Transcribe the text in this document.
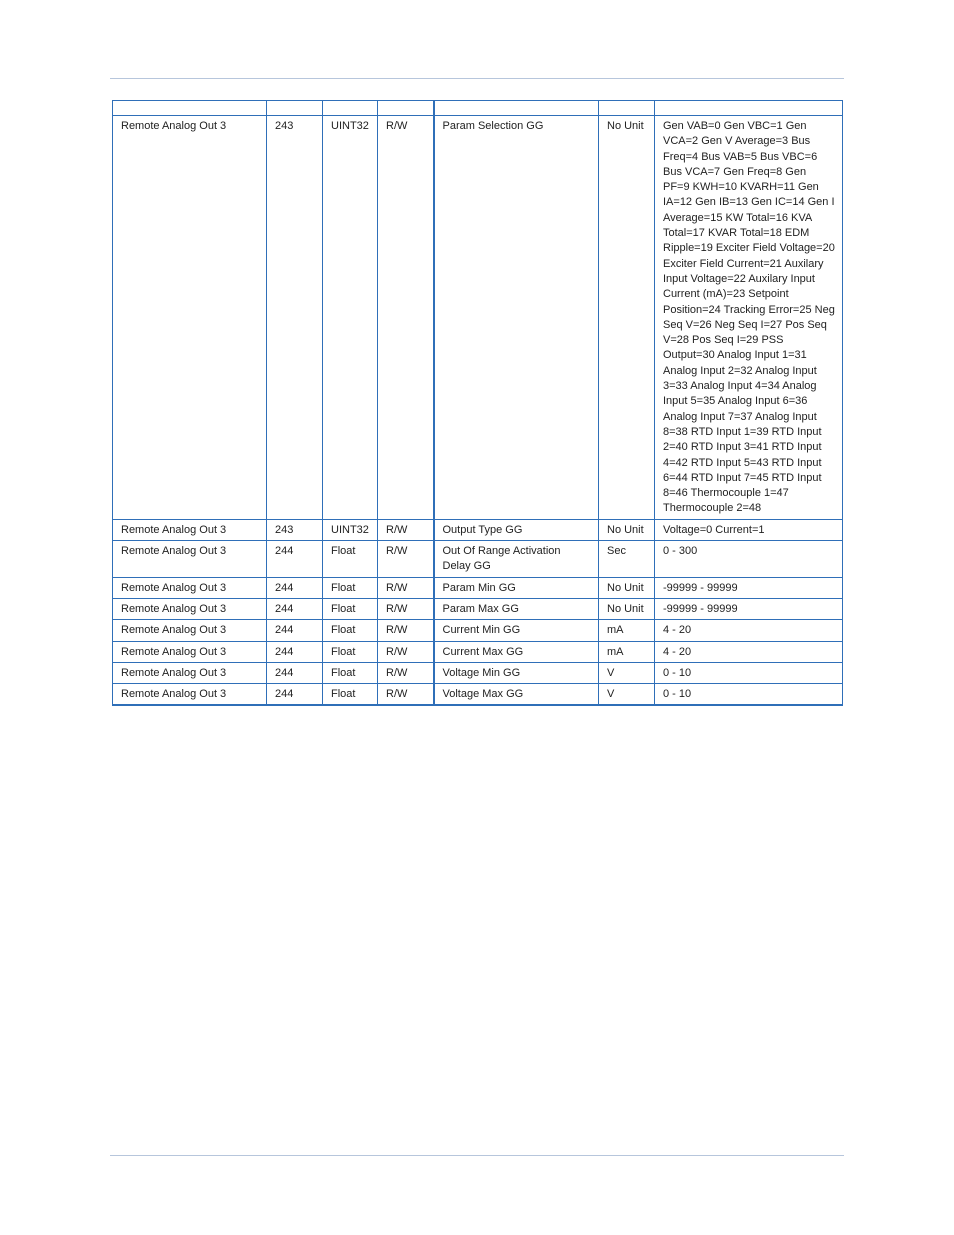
Remote Analog Out 3	243	UINT32	R/W	Param Selection GG	No Unit	Gen VAB=0 Gen VBC=1 Gen VCA=2 Gen V Average=3 Bus Freq=4 Bus VAB=5 Bus VBC=6 Bus VCA=7 Gen Freq=8 Gen PF=9 KWH=10 KVARH=11 Gen IA=12 Gen IB=13 Gen IC=14 Gen I Average=15 KW Total=16 KVA Total=17 KVAR Total=18 EDM Ripple=19 Exciter Field Voltage=20 Exciter Field Current=21 Auxilary Input Voltage=22 Auxilary Input Current (mA)=23 Setpoint Position=24 Tracking Error=25 Neg Seq V=26 Neg Seq I=27 Pos Seq V=28 Pos Seq I=29 PSS Output=30 Analog Input 1=31 Analog Input 2=32 Analog Input 3=33 Analog Input 4=34 Analog Input 5=35 Analog Input 6=36 Analog Input 7=37 Analog Input 8=38 RTD Input 1=39 RTD Input 2=40 RTD Input 3=41 RTD Input 4=42 RTD Input 5=43 RTD Input 6=44 RTD Input 7=45 RTD Input 8=46 Thermocouple 1=47 Thermocouple 2=48
Remote Analog Out 3	243	UINT32	R/W	Output Type GG	No Unit	Voltage=0 Current=1
Remote Analog Out 3	244	Float	R/W	Out Of Range Activation Delay GG	Sec	0 - 300
Remote Analog Out 3	244	Float	R/W	Param Min GG	No Unit	-99999 - 99999
Remote Analog Out 3	244	Float	R/W	Param Max GG	No Unit	-99999 - 99999
Remote Analog Out 3	244	Float	R/W	Current Min GG	mA	4 - 20
Remote Analog Out 3	244	Float	R/W	Current Max GG	mA	4 - 20
Remote Analog Out 3	244	Float	R/W	Voltage Min GG	V	0 - 10
Remote Analog Out 3	244	Float	R/W	Voltage Max GG	V	0 - 10
